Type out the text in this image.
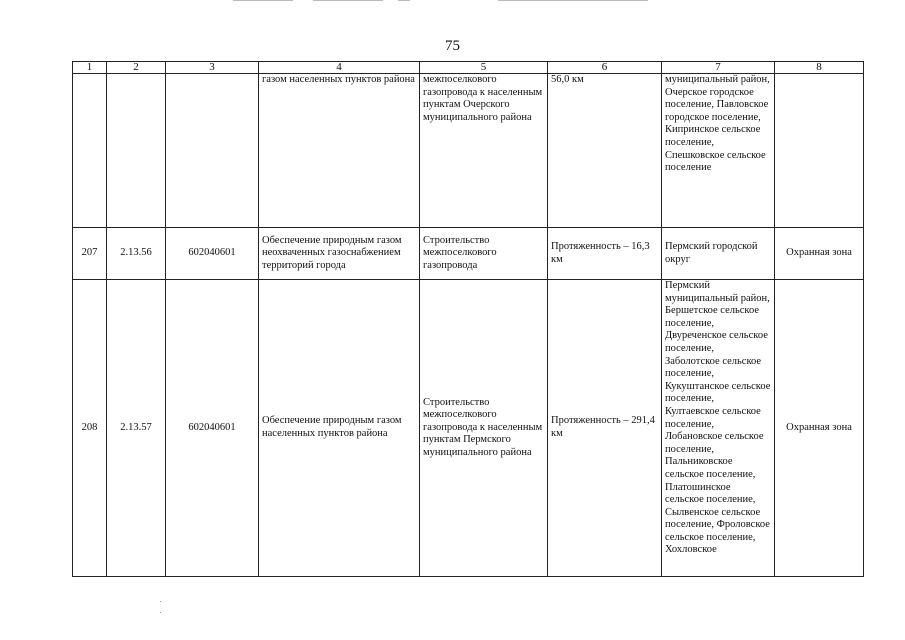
75
1	2	3	4	5	6	7	8
			газом населенных пунктов района	межпоселкового газопровода к населенным пунктам Очерского муниципального района	56,0 км	муниципальный район, Очерское городское поселение, Павловское городское поселение, Кипринское сельское поселение, Спешковское сельское поселение	
207	2.13.56	602040601	Обеспечение природным газом неохваченных газоснабжением территорий города	Строительство межпоселкового газопровода	Протяженность – 16,3 км	Пермский городской округ	Охранная зона
208	2.13.57	602040601	Обеспечение природным газом населенных пунктов района	Строительство межпоселкового газопровода к населенным пунктам Пермского муниципального района	Протяженность – 291,4 км	Пермский муниципальный район, Бершетское сельское поселение, Двуреченское сельское поселение, Заболотское сельское поселение, Кукуштанское сельское поселение, Култаевское сельское поселение, Лобановское сельское поселение, Пальниковское сельское поселение, Платошинское сельское поселение, Сылвенское сельское поселение, Фроловское сельское поселение, Хохловское	Охранная зона
